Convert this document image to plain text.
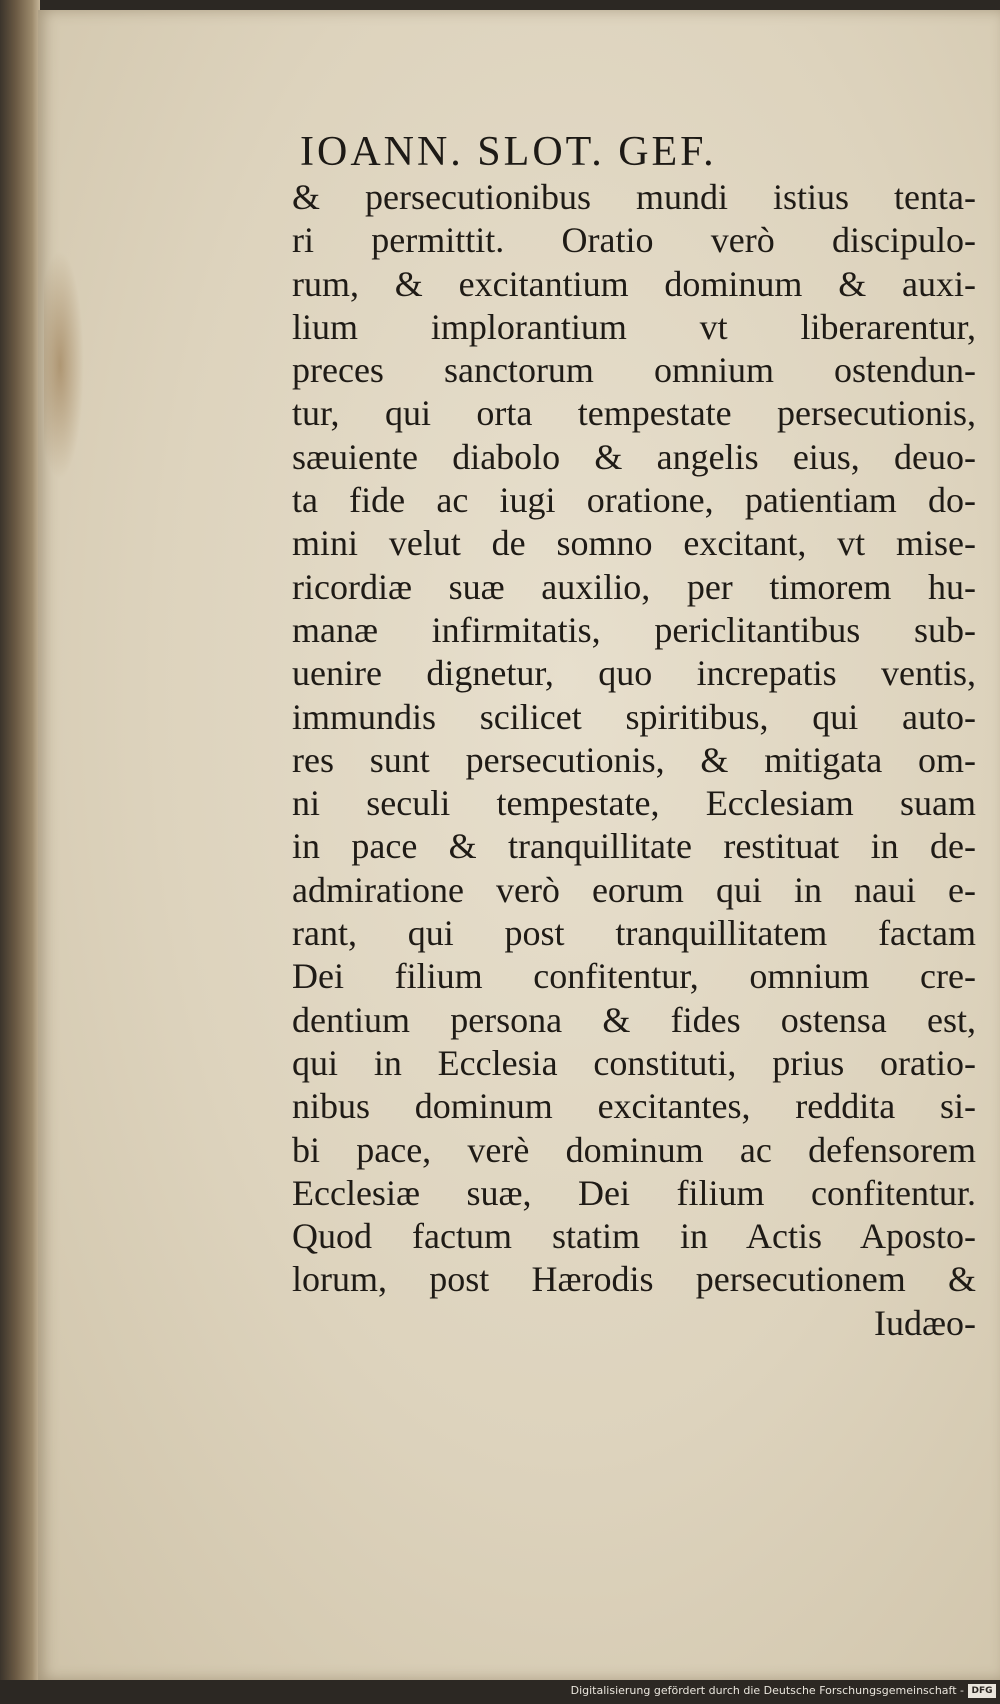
IOANN. SLOT. GEF.
& persecutionibus mundi istius tenta-
ri permittit. Oratio verò discipulo-
rum, & excitantium dominum & auxi-
lium implorantium vt liberarentur,
preces sanctorum omnium ostendun-
tur, qui orta tempestate persecutionis,
sæuiente diabolo & angelis eius, deuo-
ta fide ac iugi oratione, patientiam do-
mini velut de somno excitant, vt mise-
ricordiæ suæ auxilio, per timorem hu-
manæ infirmitatis, periclitantibus sub-
uenire dignetur, quo increpatis ventis,
immundis scilicet spiritibus, qui auto-
res sunt persecutionis, & mitigata om-
ni seculi tempestate, Ecclesiam suam
in pace & tranquillitate restituat in de-
admiratione verò eorum qui in naui e-
rant, qui post tranquillitatem factam
Dei filium confitentur, omnium cre-
dentium persona & fides ostensa est,
qui in Ecclesia constituti, prius oratio-
nibus dominum excitantes, reddita si-
bi pace, verè dominum ac defensorem
Ecclesiæ suæ, Dei filium confitentur.
Quod factum statim in Actis Aposto-
lorum, post Hærodis persecutionem &
Iudæo-
Digitalisierung gefördert durch die Deutsche Forschungsgemeinschaft - DFG
